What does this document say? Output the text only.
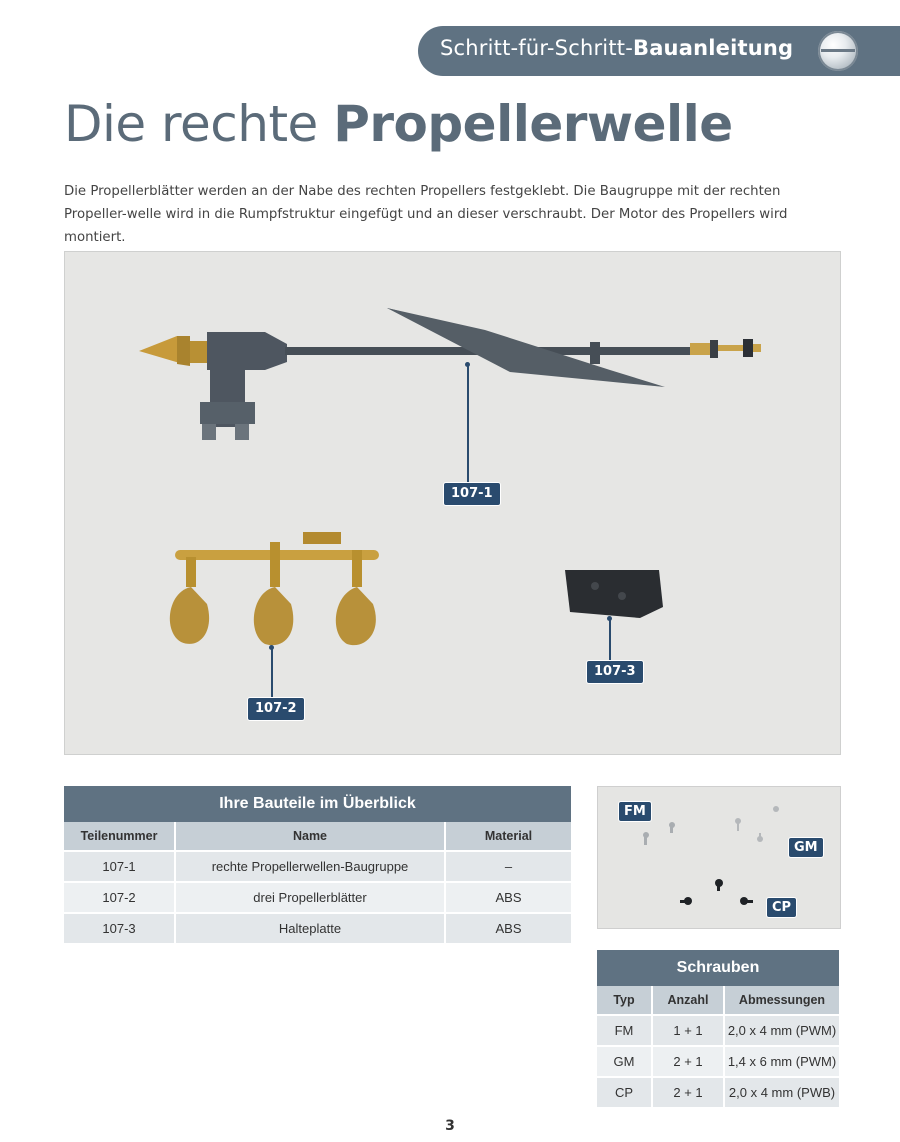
Schritt-für-Schritt-Bauanleitung
Die rechte Propellerwelle
Die Propellerblätter werden an der Nabe des rechten Propellers festgeklebt. Die Baugruppe mit der rechten Propeller-welle wird in die Rumpfstruktur eingefügt und an dieser verschraubt. Der Motor des Propellers wird montiert.
107-1
107-2
107-3
Ihre Bauteile im Überblick		
Teilenummer	Name	Material
107-1	rechte Propellerwellen-Baugruppe	–
107-2	drei Propellerblätter	ABS
107-3	Halteplatte	ABS
FM
GM
CP
Schrauben		
Typ	Anzahl	Abmessungen
FM	1 + 1	2,0 x 4 mm (PWM)
GM	2 + 1	1,4 x 6 mm (PWM)
CP	2 + 1	2,0 x 4 mm (PWB)
3
